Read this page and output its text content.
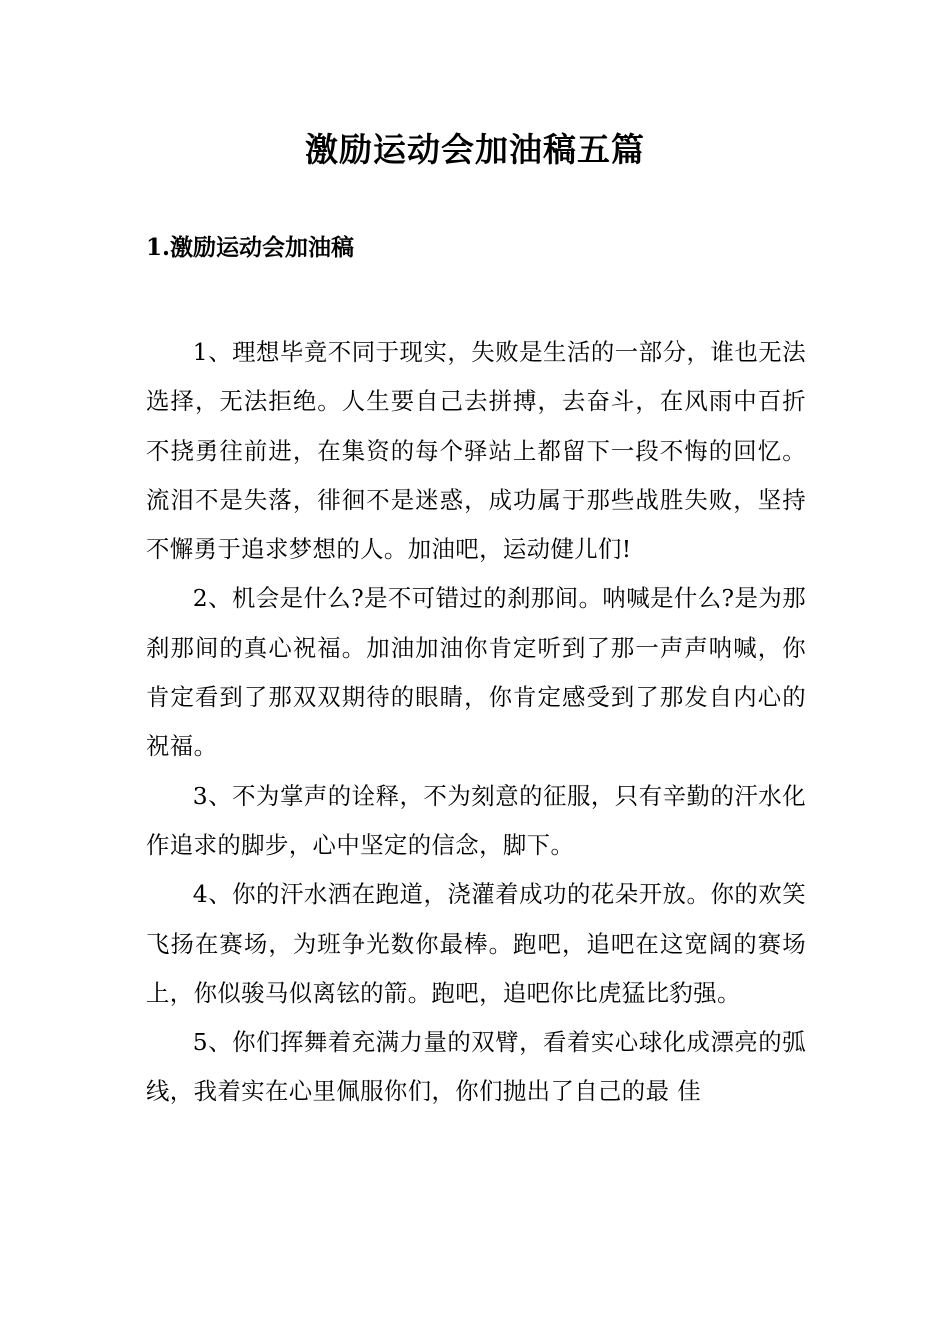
激励运动会加油稿五篇
1.激励运动会加油稿

1、理想毕竟不同于现实，失败是生活的一部分，谁也无法选择，无法拒绝。人生要自己去拼搏，去奋斗，在风雨中百折不挠勇往前进，在集资的每个驿站上都留下一段不悔的回忆。流泪不是失落，徘徊不是迷惑，成功属于那些战胜失败，坚持不懈勇于追求梦想的人。加油吧，运动健儿们!

2、机会是什么?是不可错过的刹那间。呐喊是什么?是为那刹那间的真心祝福。加油加油你肯定听到了那一声声呐喊，你肯定看到了那双双期待的眼睛，你肯定感受到了那发自内心的祝福。

3、不为掌声的诠释，不为刻意的征服，只有辛勤的汗水化作追求的脚步，心中坚定的信念，脚下。

4、你的汗水洒在跑道，浇灌着成功的花朵开放。你的欢笑飞扬在赛场，为班争光数你最棒。跑吧，追吧在这宽阔的赛场上，你似骏马似离铉的箭。跑吧，追吧你比虎猛比豹强。

5、你们挥舞着充满力量的双臂，看着实心球化成漂亮的弧线，我着实在心里佩服你们，你们抛出了自己的最 佳
